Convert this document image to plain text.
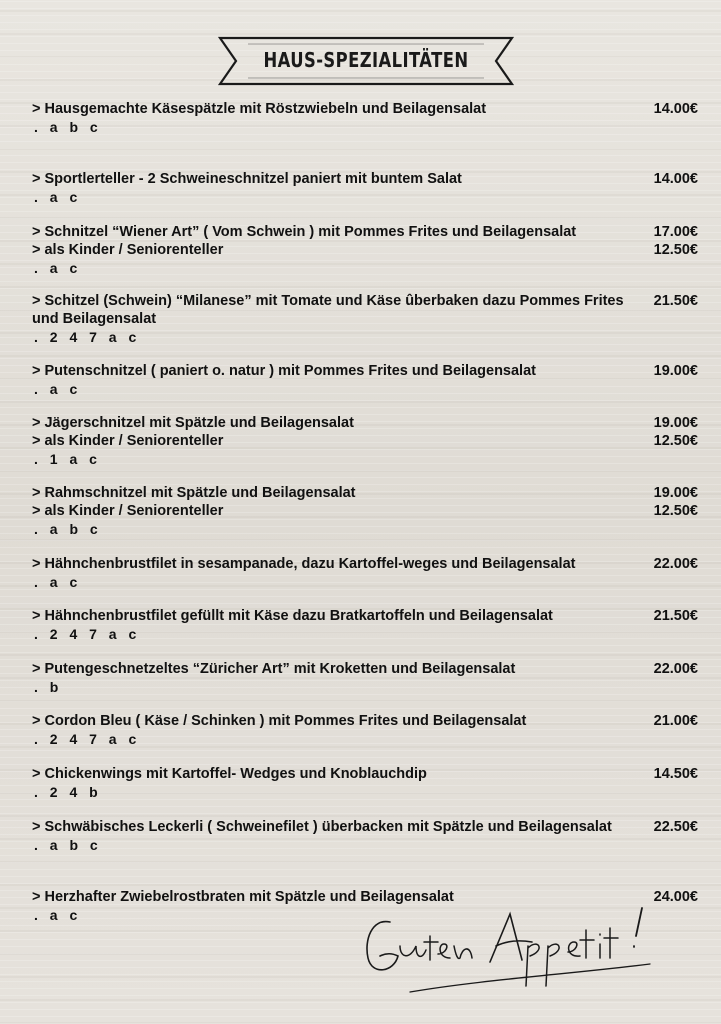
HAUS-SPEZIALITÄTEN
> Hausgemachte Käsespätzle mit Röstzwiebeln und Beilagensalat	14.00€
. a b c
> Sportlerteller - 2 Schweineschnitzel paniert mit buntem Salat	14.00€
. a c
> Schnitzel “Wiener Art” ( Vom Schwein ) mit Pommes Frites und Beilagensalat	17.00€
> als Kinder / Seniorenteller	12.50€
. a c
> Schitzel (Schwein) “Milanese” mit Tomate und Käse ûberbaken dazu Pommes Frites und Beilagensalat
21.50€
. 2 4 7 a c
> Putenschnitzel ( paniert o. natur ) mit Pommes Frites und Beilagensalat	19.00€
. a c
> Jägerschnitzel mit Spätzle und Beilagensalat	19.00€
> als Kinder / Seniorenteller	12.50€
. 1 a c
> Rahmschnitzel mit Spätzle und Beilagensalat	19.00€
> als Kinder / Seniorenteller	12.50€
. a b c
> Hähnchenbrustfilet in sesampanade, dazu Kartoffel-weges und Beilagensalat	22.00€
. a c
> Hähnchenbrustfilet gefüllt mit Käse dazu Bratkartoffeln und Beilagensalat	21.50€
. 2 4 7 a c
> Putengeschnetzeltes “Züricher Art” mit Kroketten und Beilagensalat	22.00€
. b
> Cordon Bleu ( Käse / Schinken ) mit Pommes Frites und Beilagensalat	21.00€
. 2 4 7 a c
> Chickenwings mit Kartoffel- Wedges und Knoblauchdip	14.50€
. 2 4 b
> Schwäbisches Leckerli ( Schweinefilet ) überbacken mit Spätzle und Beilagensalat	22.50€
. a b c
> Herzhafter Zwiebelrostbraten mit Spätzle und Beilagensalat	24.00€
. a c
